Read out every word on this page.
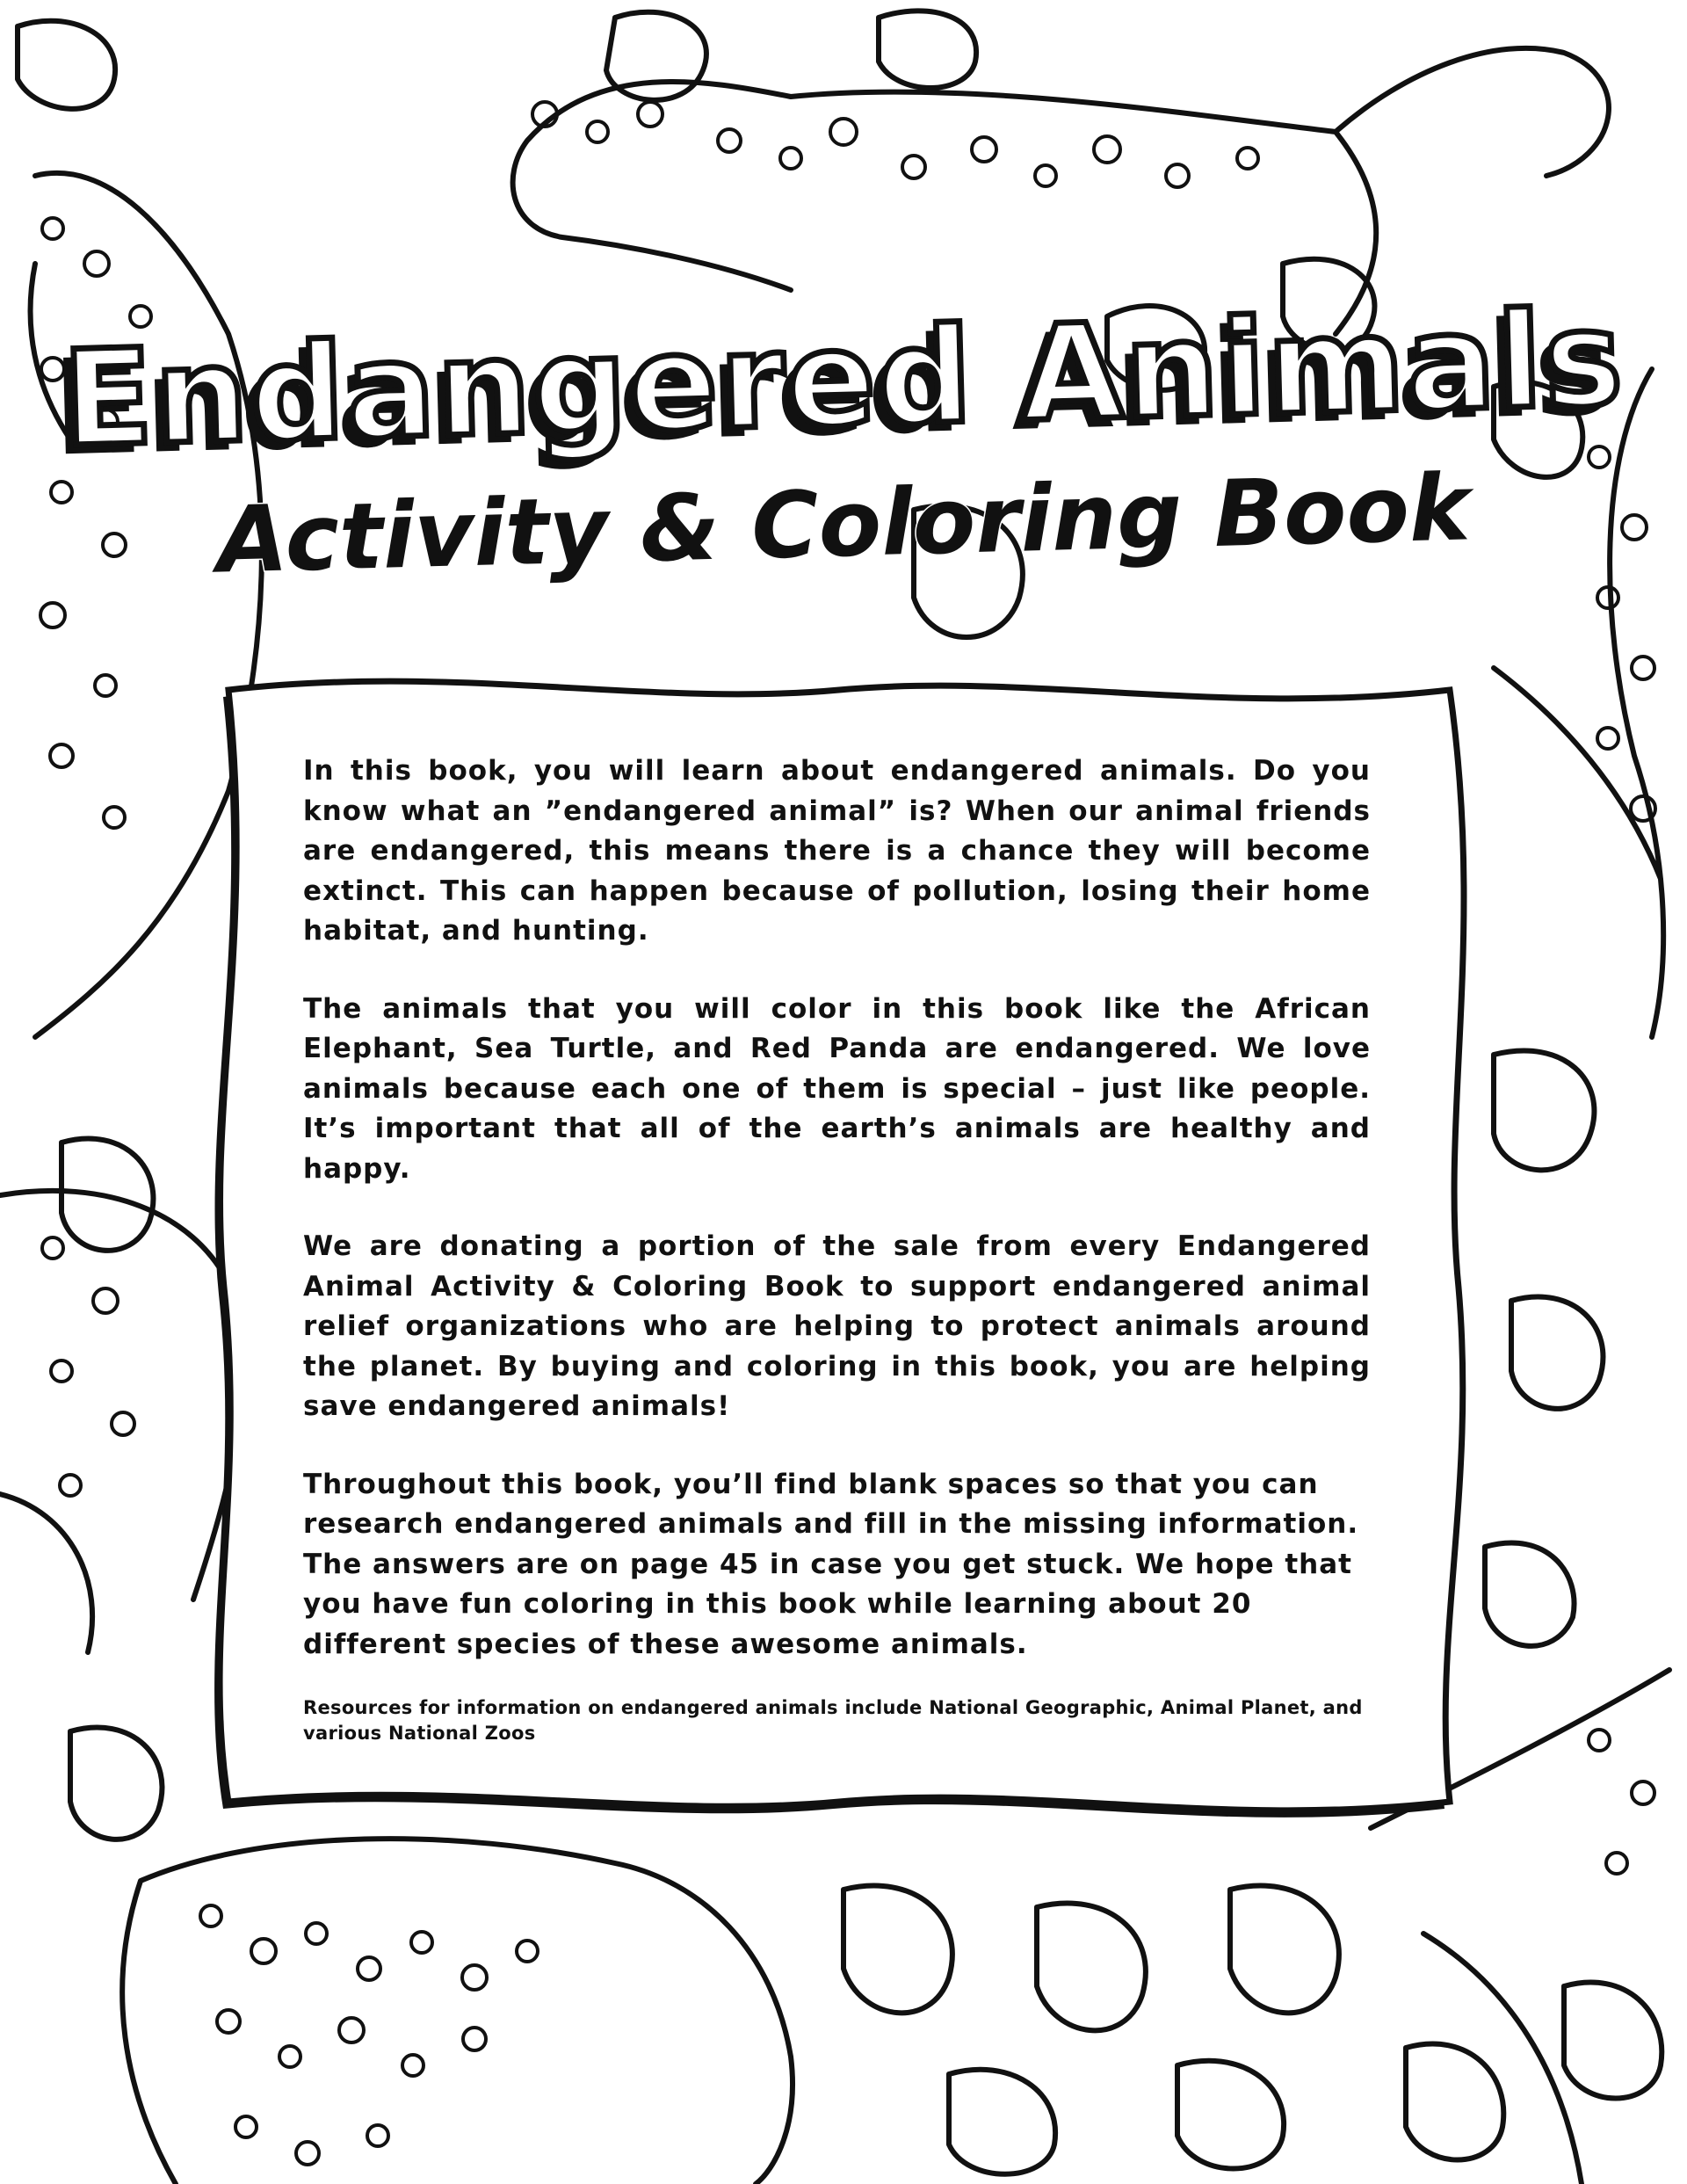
Endangered Animals
Activity & Coloring Book

In this book, you will learn about endangered animals. Do you know what an ”endangered animal” is? When our animal friends are endangered, this means there is a chance they will become extinct. This can happen because of pollution, losing their home habitat, and hunting.

The animals that you will color in this book like the African Elephant, Sea Turtle, and Red Panda are endangered. We love animals because each one of them is special – just like people. It’s important that all of the earth’s animals are healthy and happy.

We are donating a portion of the sale from every Endangered Animal Activity & Coloring Book to support endangered animal relief organizations who are helping to protect animals around the planet. By buying and coloring in this book, you are helping save endangered animals!

Throughout this book, you’ll find blank spaces so that you can research endangered animals and fill in the missing information. The answers are on page 45 in case you get stuck. We hope that you have fun coloring in this book while learning about 20 different species of these awesome animals.

Resources for information on endangered animals include National Geographic, Animal Planet, and various National Zoos
